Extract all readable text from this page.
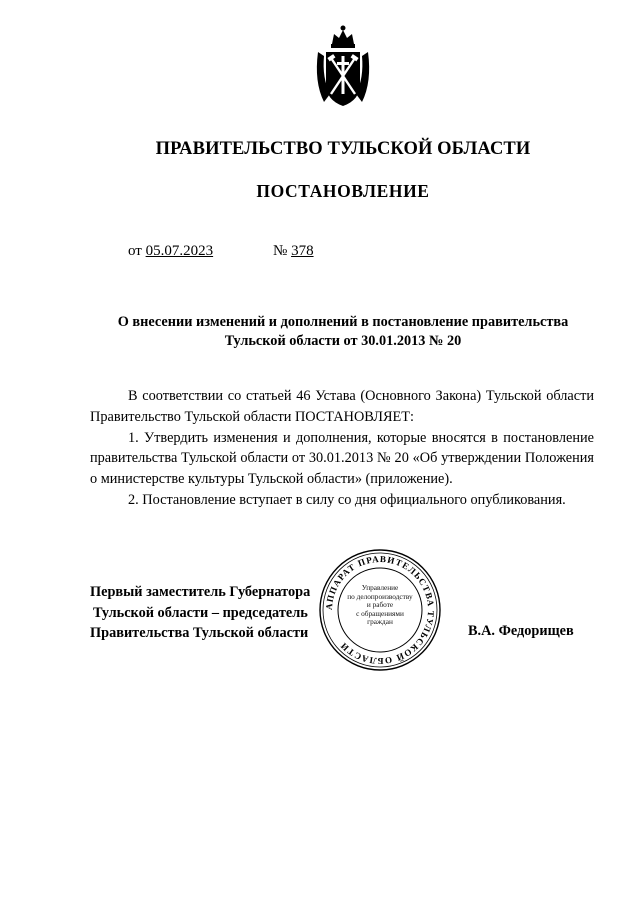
ПРАВИТЕЛЬСТВО ТУЛЬСКОЙ ОБЛАСТИ
ПОСТАНОВЛЕНИЕ
от 05.07.2023	№ 378
О внесении изменений и дополнений в постановление правительства Тульской области от 30.01.2013 № 20

В соответствии со статьей 46 Устава (Основного Закона) Тульской области Правительство Тульской области ПОСТАНОВЛЯЕТ:

1. Утвердить изменения и дополнения, которые вносятся в постановление правительства Тульской области от 30.01.2013 № 20 «Об утверждении Положения о министерстве культуры Тульской области» (приложение).

2. Постановление вступает в силу со дня официального опубликования.

АППАРАТ ПРАВИТЕЛЬСТВА ТУЛЬСКОЙ ОБЛАСТИ
Управление
по делопроизводству
и работе
с обращениями
граждан
Первый заместитель Губернатора
Тульской области – председатель
Правительства Тульской области	В.А. Федорищев
